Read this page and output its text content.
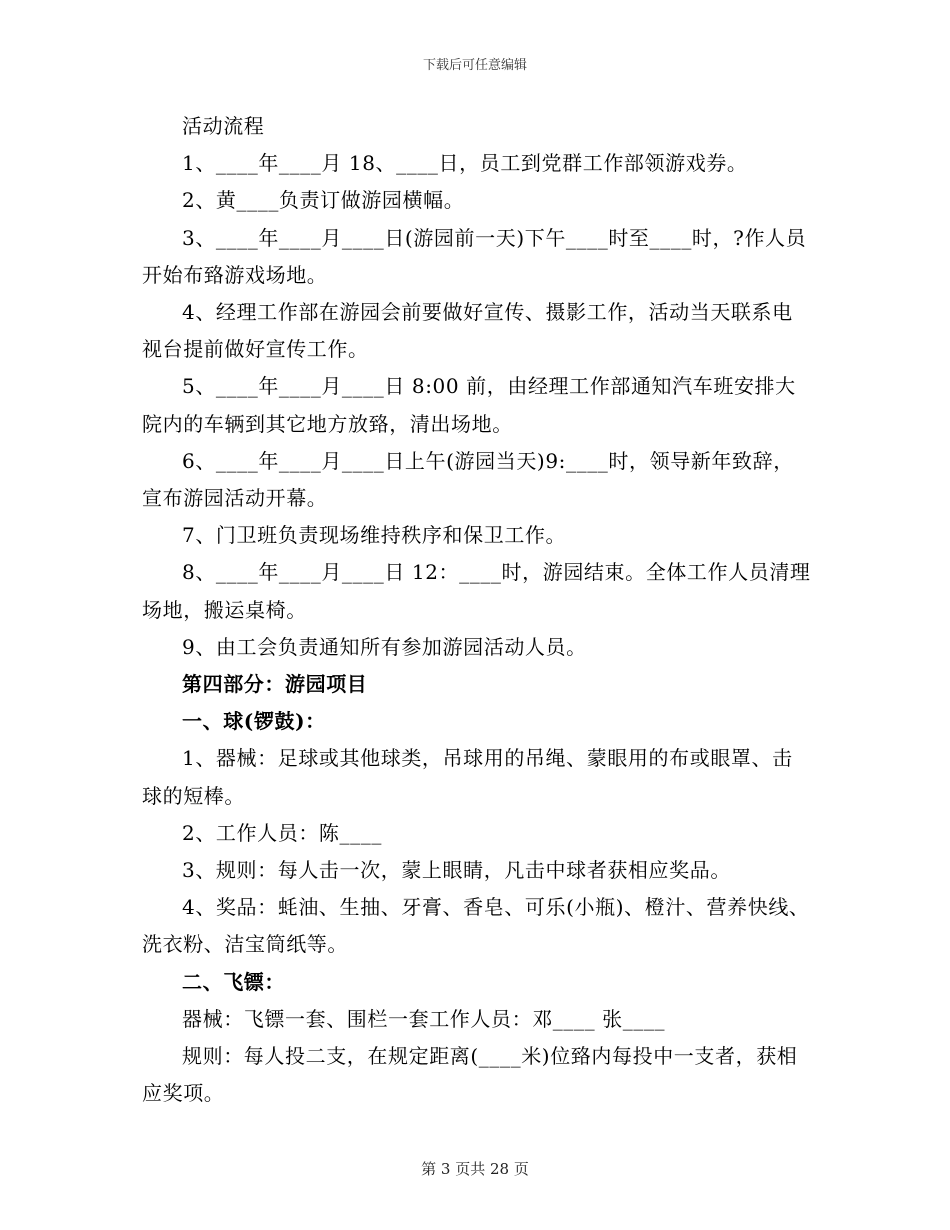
下载后可任意编辑

活动流程

1、____年____月 18、____日，员工到党群工作部领游戏券。

2、黄____负责订做游园横幅。

3、____年____月____日(游园前一天)下午____时至____时，?作人员开始布臵游戏场地。

4、经理工作部在游园会前要做好宣传、摄影工作，活动当天联系电视台提前做好宣传工作。

5、____年____月____日 8:00 前，由经理工作部通知汽车班安排大院内的车辆到其它地方放臵，清出场地。

6、____年____月____日上午(游园当天)9:____时，领导新年致辞，宣布游园活动开幕。

7、门卫班负责现场维持秩序和保卫工作。

8、____年____月____日 12：____时，游园结束。全体工作人员清理场地，搬运桌椅。

9、由工会负责通知所有参加游园活动人员。

第四部分：游园项目

一、球(锣鼓)：

1、器械：足球或其他球类，吊球用的吊绳、蒙眼用的布或眼罩、击球的短棒。

2、工作人员：陈____

3、规则：每人击一次，蒙上眼睛，凡击中球者获相应奖品。

4、奖品：蚝油、生抽、牙膏、香皂、可乐(小瓶)、橙汁、营养快线、洗衣粉、洁宝筒纸等。

二、飞镖：

器械：飞镖一套、围栏一套工作人员：邓____ 张____

规则：每人投二支，在规定距离(____米)位臵内每投中一支者，获相应奖项。

第 3 页共 28 页
